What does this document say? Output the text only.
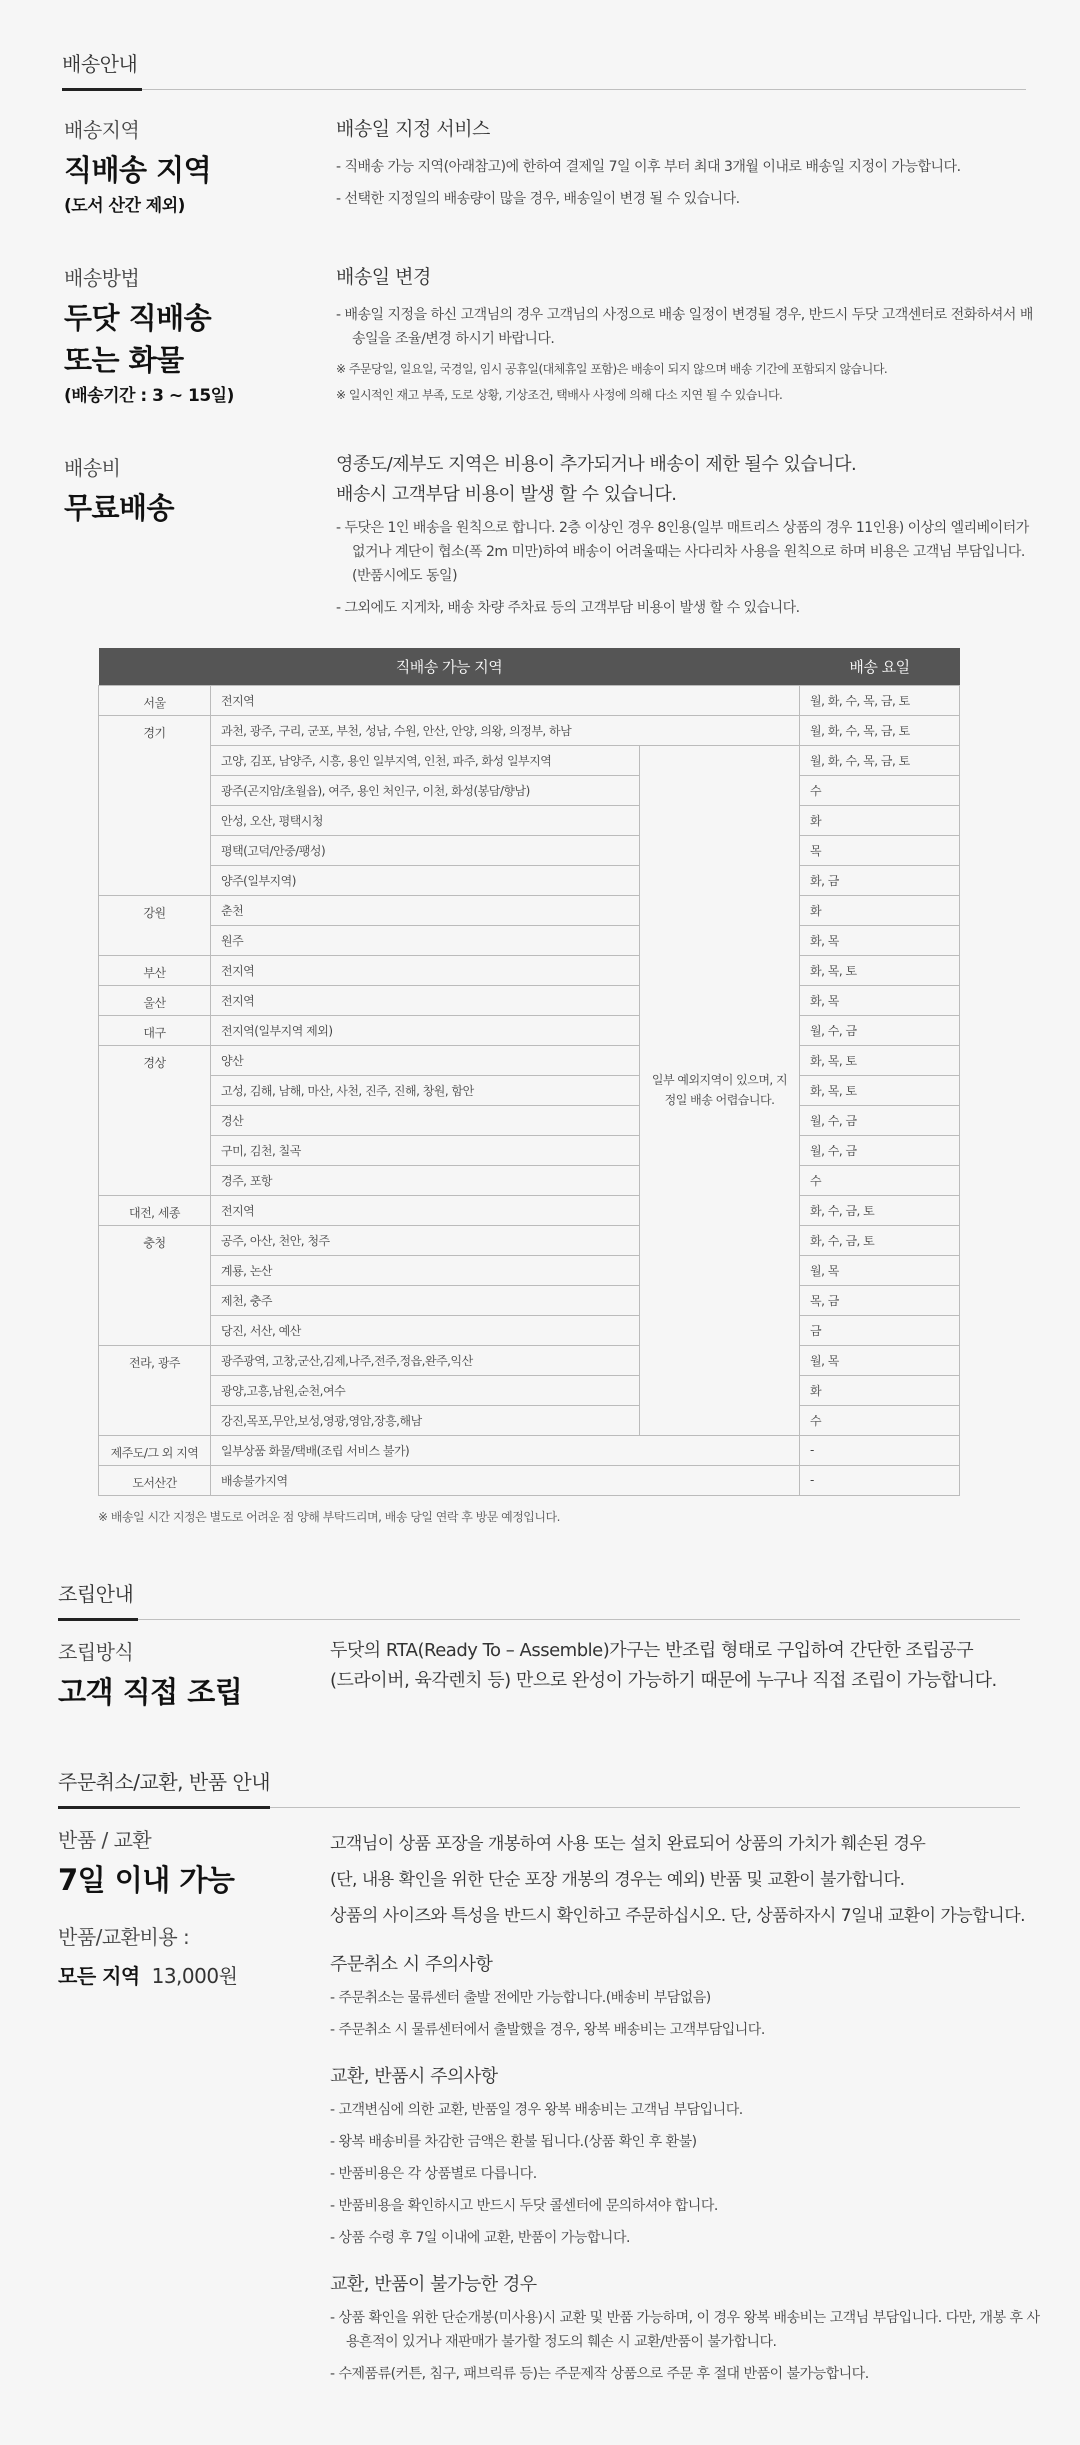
배송안내
배송지역
직배송 지역
(도서 산간 제외)
배송일 지정 서비스
- 직배송 가능 지역(아래참고)에 한하여 결제일 7일 이후 부터 최대 3개월 이내로 배송일 지정이 가능합니다.
- 선택한 지정일의 배송량이 많을 경우, 배송일이 변경 될 수 있습니다.
배송방법
두닷 직배송
또는 화물
(배송기간 : 3 ~ 15일)
배송일 변경
- 배송일 지정을 하신 고객님의 경우 고객님의 사정으로 배송 일정이 변경될 경우, 반드시 두닷 고객센터로 전화하셔서 배송일을 조율/변경 하시기 바랍니다.
※ 주문당일, 일요일, 국경일, 임시 공휴일(대체휴일 포함)은 배송이 되지 않으며 배송 기간에 포함되지 않습니다.
※ 일시적인 재고 부족, 도로 상황, 기상조건, 택배사 사정에 의해 다소 지연 될 수 있습니다.
배송비
무료배송
영종도/제부도 지역은 비용이 추가되거나 배송이 제한 될수 있습니다.
배송시 고객부담 비용이 발생 할 수 있습니다.
- 두닷은 1인 배송을 원칙으로 합니다. 2층 이상인 경우 8인용(일부 매트리스 상품의 경우 11인용) 이상의 엘리베이터가 없거나 계단이 협소(폭 2m 미만)하여 배송이 어려울때는 사다리차 사용을 원칙으로 하며 비용은 고객님 부담입니다.(반품시에도 동일)
- 그외에도 지게차, 배송 차량 주차료 등의 고객부담 비용이 발생 할 수 있습니다.
직배송 가능 지역			배송 요일
서울	전지역		월, 화, 수, 목, 금, 토
경기	과천, 광주, 구리, 군포, 부천, 성남, 수원, 안산, 안양, 의왕, 의정부, 하남		월, 화, 수, 목, 금, 토
	고양, 김포, 남양주, 시흥, 용인 일부지역, 인천, 파주, 화성 일부지역	일부 예외지역이 있으며, 지정일 배송 어렵습니다.	월, 화, 수, 목, 금, 토
	광주(곤지암/초월읍), 여주, 용인 처인구, 이천, 화성(봉담/향남)		수
	안성, 오산, 평택시청		화
	평택(고덕/안중/팽성)		목
	양주(일부지역)		화, 금
강원	춘천		화
	원주		화, 목
부산	전지역		화, 목, 토
울산	전지역		화, 목
대구	전지역(일부지역 제외)		월, 수, 금
경상	양산		화, 목, 토
	고성, 김해, 남해, 마산, 사천, 진주, 진해, 창원, 함안		화, 목, 토
	경산		월, 수, 금
	구미, 김천, 칠곡		월, 수, 금
	경주, 포항		수
대전, 세종	전지역		화, 수, 금, 토
충청	공주, 아산, 천안, 청주		화, 수, 금, 토
	계룡, 논산		월, 목
	제천, 충주		목, 금
	당진, 서산, 예산		금
전라, 광주	광주광역, 고창,군산,김제,나주,전주,정읍,완주,익산		월, 목
	광양,고흥,남원,순천,여수		화
	강진,목포,무안,보성,영광,영암,장흥,해남		수
제주도/그 외 지역	일부상품 화물/택배(조립 서비스 불가)		-
도서산간	배송불가지역		-
※ 배송일 시간 지정은 별도로 어려운 점 양해 부탁드리며, 배송 당일 연락 후 방문 예정입니다.
조립안내
조립방식
고객 직접 조립
두닷의 RTA(Ready To – Assemble)가구는 반조립 형태로 구입하여 간단한 조립공구
(드라이버, 육각렌치 등) 만으로 완성이 가능하기 때문에 누구나 직접 조립이 가능합니다.
주문취소/교환, 반품 안내
반품 / 교환
7일 이내 가능
반품/교환비용 :
모든 지역 13,000원
고객님이 상품 포장을 개봉하여 사용 또는 설치 완료되어 상품의 가치가 훼손된 경우
(단, 내용 확인을 위한 단순 포장 개봉의 경우는 예외) 반품 및 교환이 불가합니다.
상품의 사이즈와 특성을 반드시 확인하고 주문하십시오. 단, 상품하자시 7일내 교환이 가능합니다.
주문취소 시 주의사항
- 주문취소는 물류센터 출발 전에만 가능합니다.(배송비 부담없음)
- 주문취소 시 물류센터에서 출발했을 경우, 왕복 배송비는 고객부담입니다.
교환, 반품시 주의사항
- 고객변심에 의한 교환, 반품일 경우 왕복 배송비는 고객님 부담입니다.
- 왕복 배송비를 차감한 금액은 환불 됩니다.(상품 확인 후 환불)
- 반품비용은 각 상품별로 다릅니다.
- 반품비용을 확인하시고 반드시 두닷 콜센터에 문의하셔야 합니다.
- 상품 수령 후 7일 이내에 교환, 반품이 가능합니다.
교환, 반품이 불가능한 경우
- 상품 확인을 위한 단순개봉(미사용)시 교환 및 반품 가능하며, 이 경우 왕복 배송비는 고객님 부담입니다. 다만, 개봉 후 사용흔적이 있거나 재판매가 불가할 정도의 훼손 시 교환/반품이 불가합니다.
- 수제품류(커튼, 침구, 패브릭류 등)는 주문제작 상품으로 주문 후 절대 반품이 불가능합니다.
